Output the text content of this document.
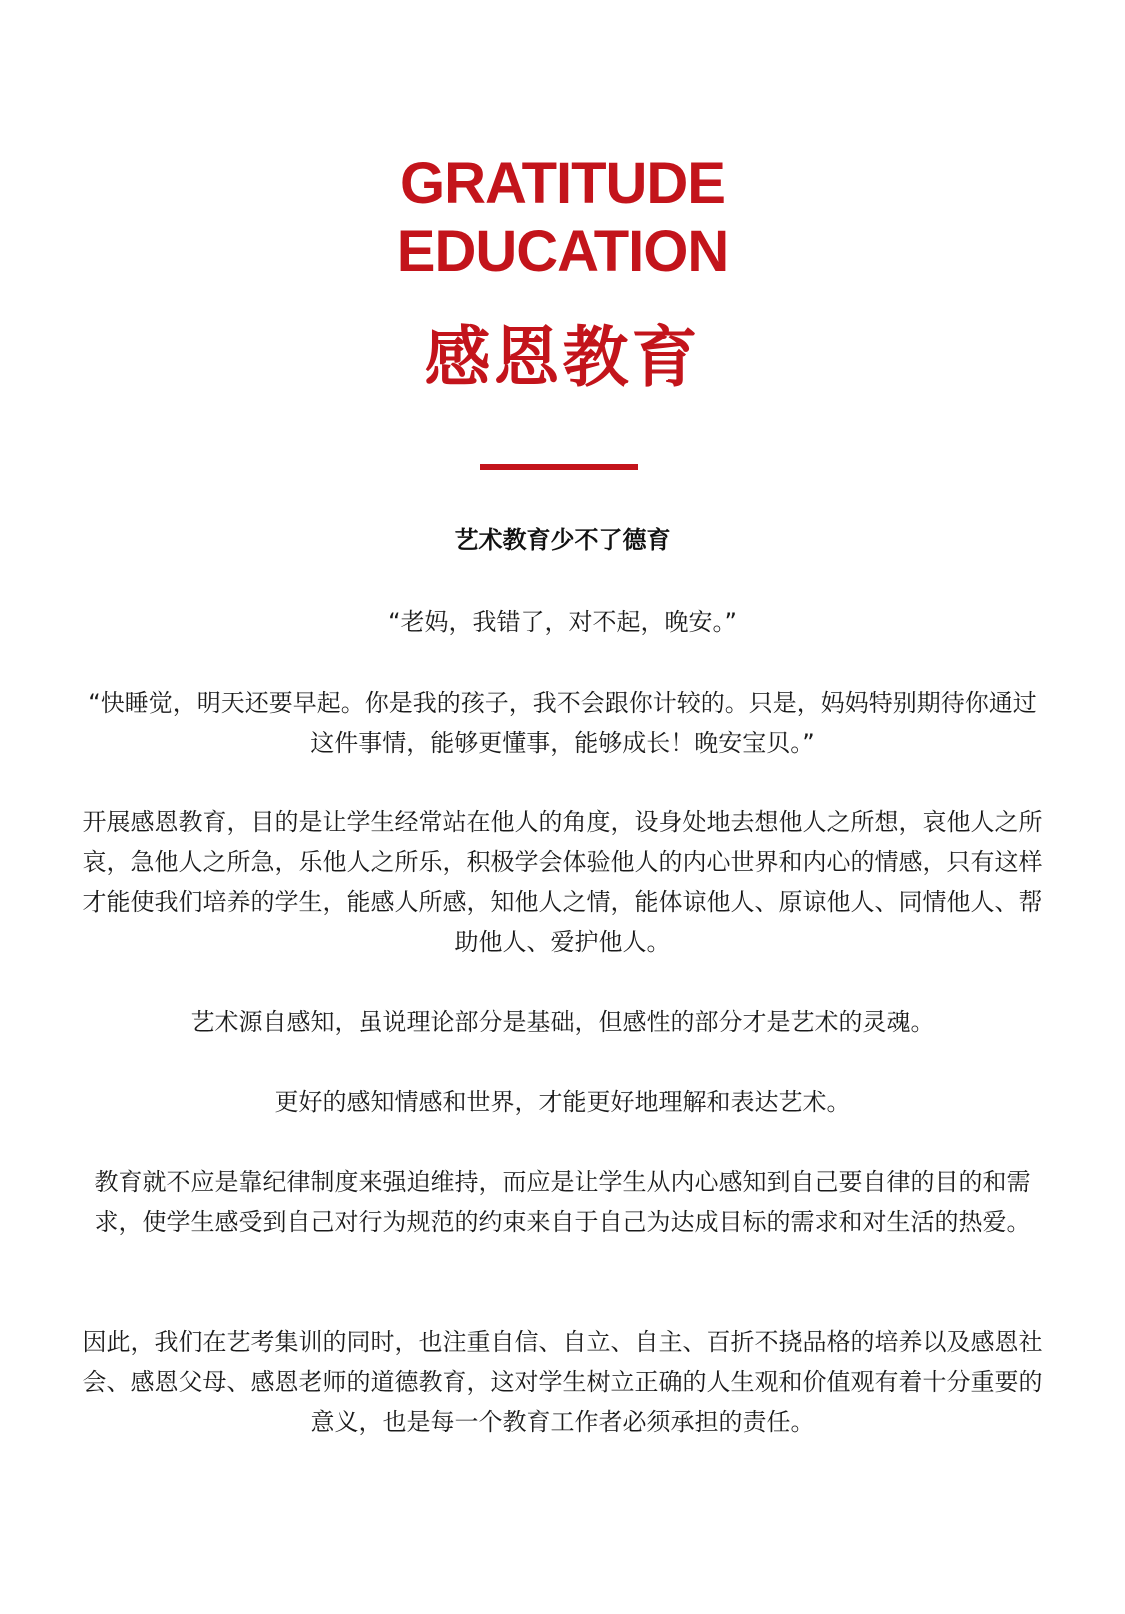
GRATITUDE
EDUCATION
感恩教育
艺术教育少不了德育
“老妈，我错了，对不起，晚安。”
“快睡觉，明天还要早起。你是我的孩子，我不会跟你计较的。只是，妈妈特别期待你通过这件事情，能够更懂事，能够成长！晚安宝贝。”
开展感恩教育，目的是让学生经常站在他人的角度，设身处地去想他人之所想，哀他人之所哀，急他人之所急，乐他人之所乐，积极学会体验他人的内心世界和内心的情感，只有这样才能使我们培养的学生，能感人所感，知他人之情，能体谅他人、原谅他人、同情他人、帮助他人、爱护他人。
艺术源自感知，虽说理论部分是基础，但感性的部分才是艺术的灵魂。
更好的感知情感和世界，才能更好地理解和表达艺术。
教育就不应是靠纪律制度来强迫维持，而应是让学生从内心感知到自己要自律的目的和需求，使学生感受到自己对行为规范的约束来自于自己为达成目标的需求和对生活的热爱。
因此，我们在艺考集训的同时，也注重自信、自立、自主、百折不挠品格的培养以及感恩社会、感恩父母、感恩老师的道德教育，这对学生树立正确的人生观和价值观有着十分重要的意义，也是每一个教育工作者必须承担的责任。
